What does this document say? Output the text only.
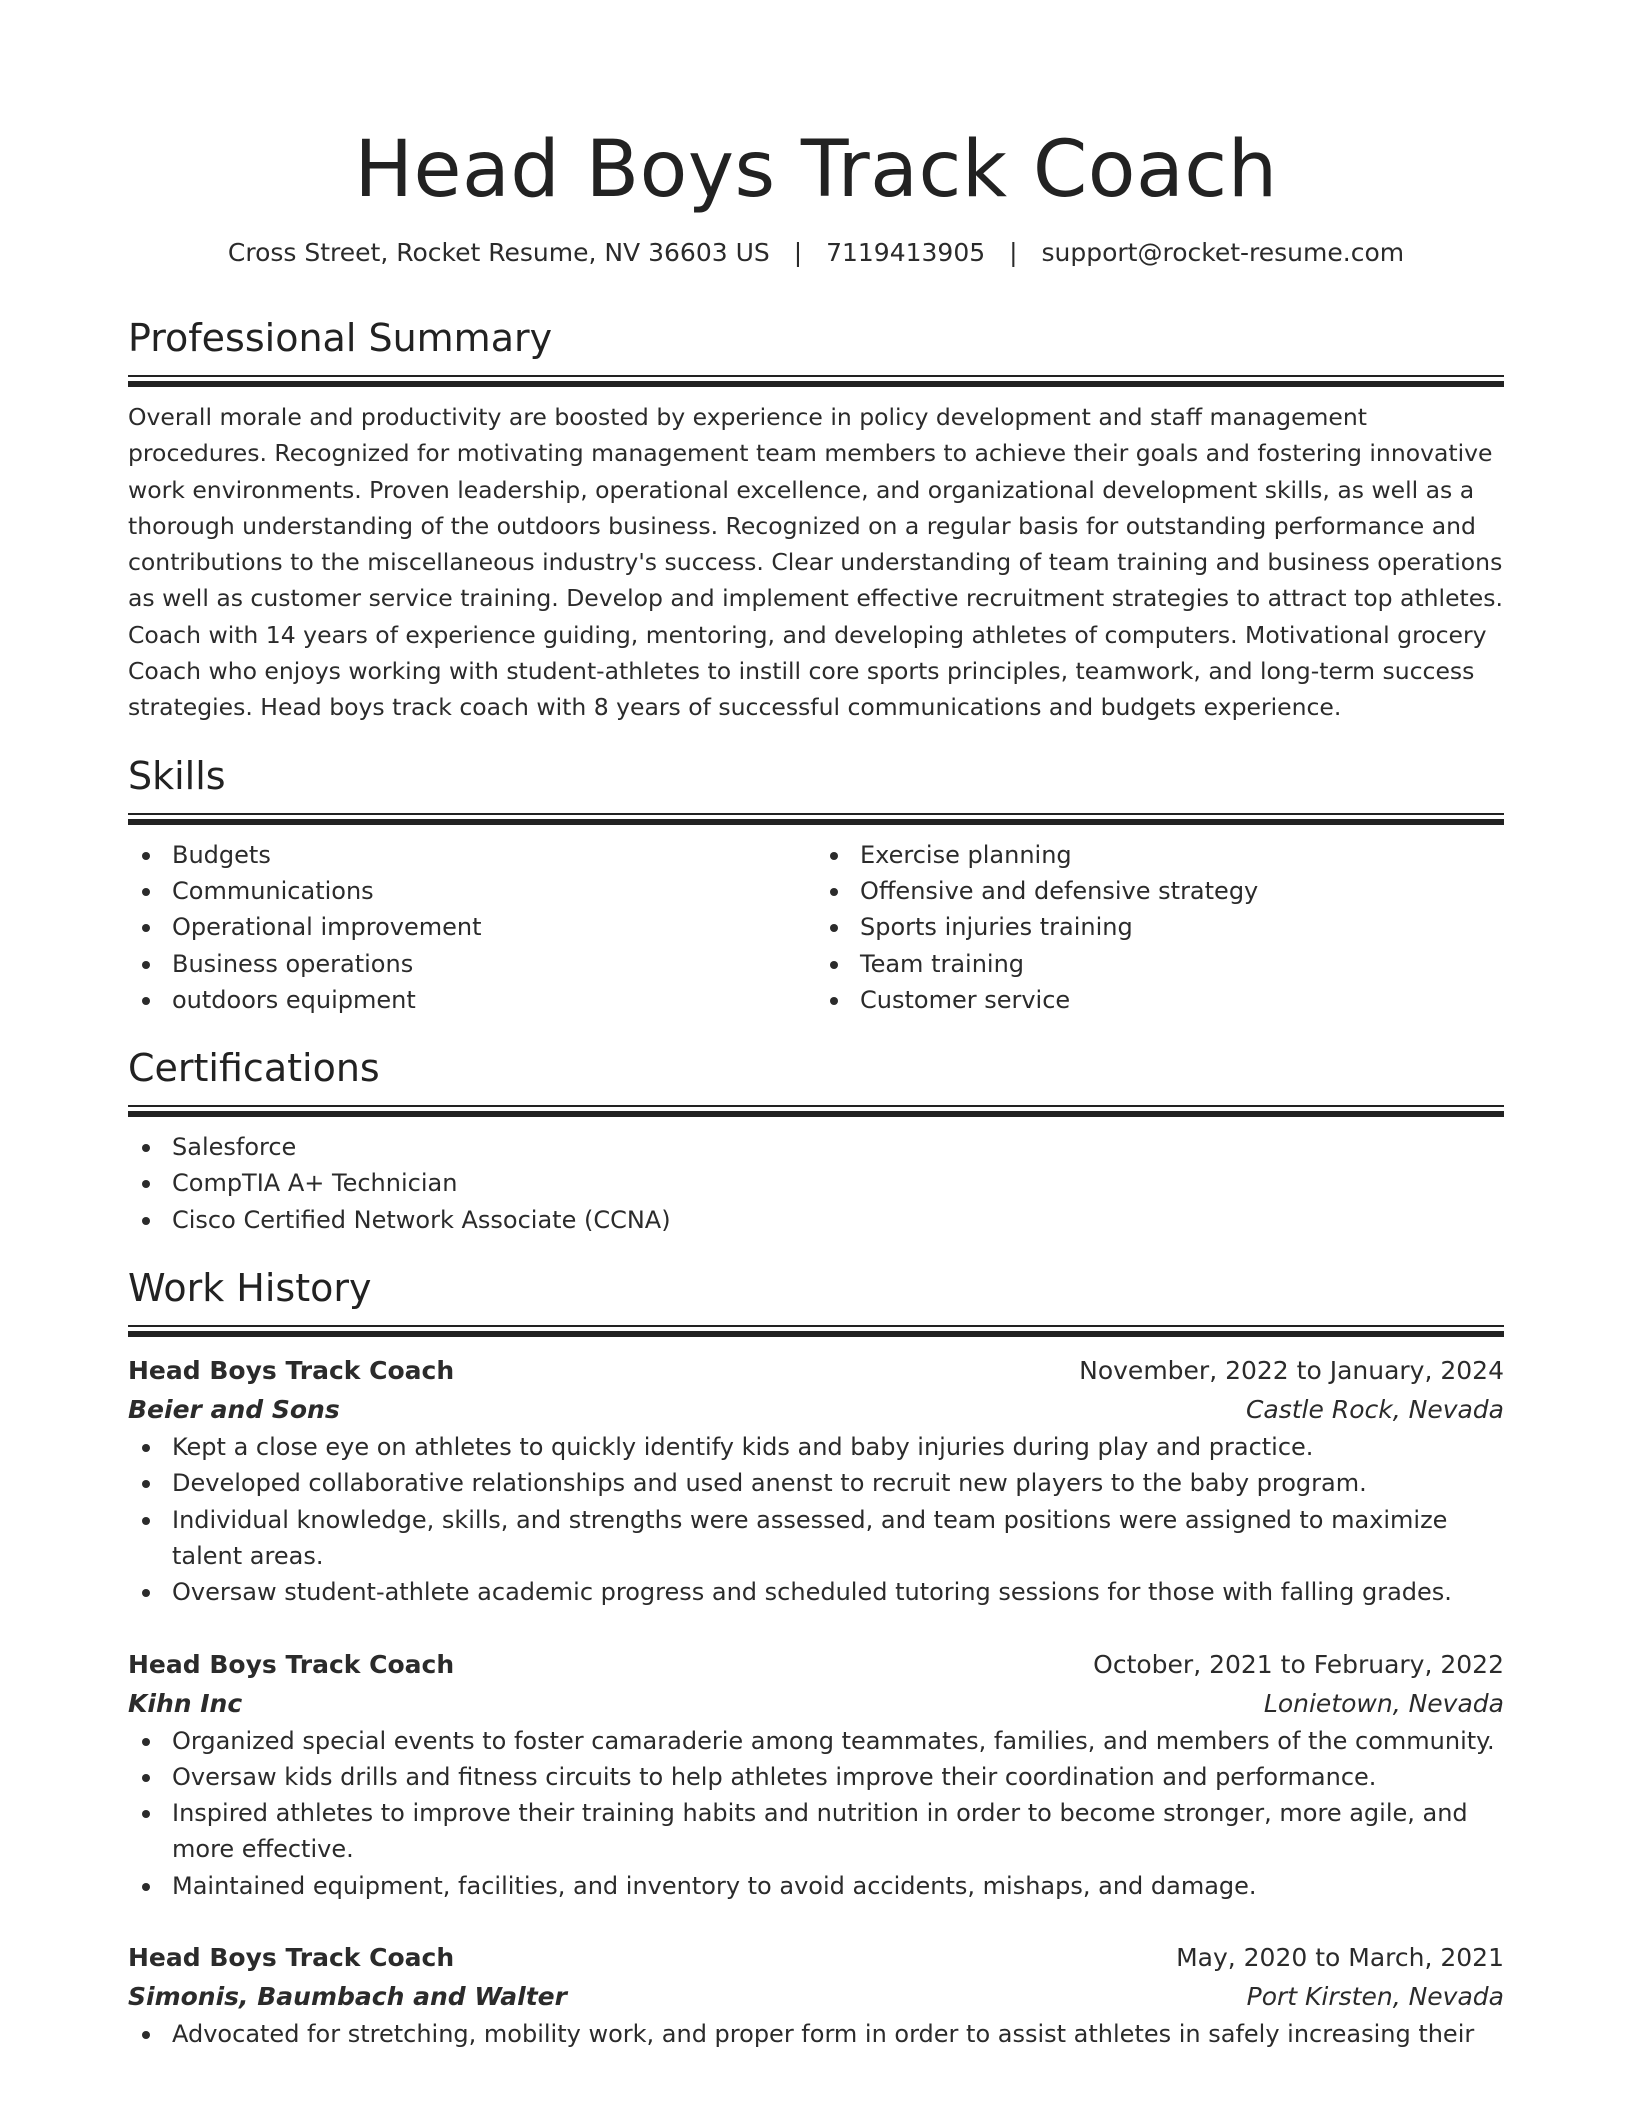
Head Boys Track Coach
Cross Street, Rocket Resume, NV 36603 US | 7119413905 | support@rocket-resume.com
Professional Summary

Overall morale and productivity are boosted by experience in policy development and staff management procedures. Recognized for motivating management team members to achieve their goals and fostering innovative work environments. Proven leadership, operational excellence, and organizational development skills, as well as a thorough understanding of the outdoors business. Recognized on a regular basis for outstanding performance and contributions to the miscellaneous industry's success. Clear understanding of team training and business operations as well as customer service training. Develop and implement effective recruitment strategies to attract top athletes. Coach with 14 years of experience guiding, mentoring, and developing athletes of computers. Motivational grocery Coach who enjoys working with student-athletes to instill core sports principles, teamwork, and long-term success strategies. Head boys track coach with 8 years of successful communications and budgets experience.

Skills
Budgets
Communications
Operational improvement
Business operations
outdoors equipment
Exercise planning
Offensive and defensive strategy
Sports injuries training
Team training
Customer service
Certifications
Salesforce
CompTIA A+ Technician
Cisco Certified Network Associate (CCNA)
Work History
Head Boys Track Coach	November, 2022 to January, 2024
Beier and Sons	Castle Rock, Nevada
Kept a close eye on athletes to quickly identify kids and baby injuries during play and practice.
Developed collaborative relationships and used anenst to recruit new players to the baby program.
Individual knowledge, skills, and strengths were assessed, and team positions were assigned to maximize talent areas.
Oversaw student-athlete academic progress and scheduled tutoring sessions for those with falling grades.
Head Boys Track Coach	October, 2021 to February, 2022
Kihn Inc	Lonietown, Nevada
Organized special events to foster camaraderie among teammates, families, and members of the community.
Oversaw kids drills and fitness circuits to help athletes improve their coordination and performance.
Inspired athletes to improve their training habits and nutrition in order to become stronger, more agile, and more effective.
Maintained equipment, facilities, and inventory to avoid accidents, mishaps, and damage.
Head Boys Track Coach	May, 2020 to March, 2021
Simonis, Baumbach and Walter	Port Kirsten, Nevada
Advocated for stretching, mobility work, and proper form in order to assist athletes in safely increasing their
